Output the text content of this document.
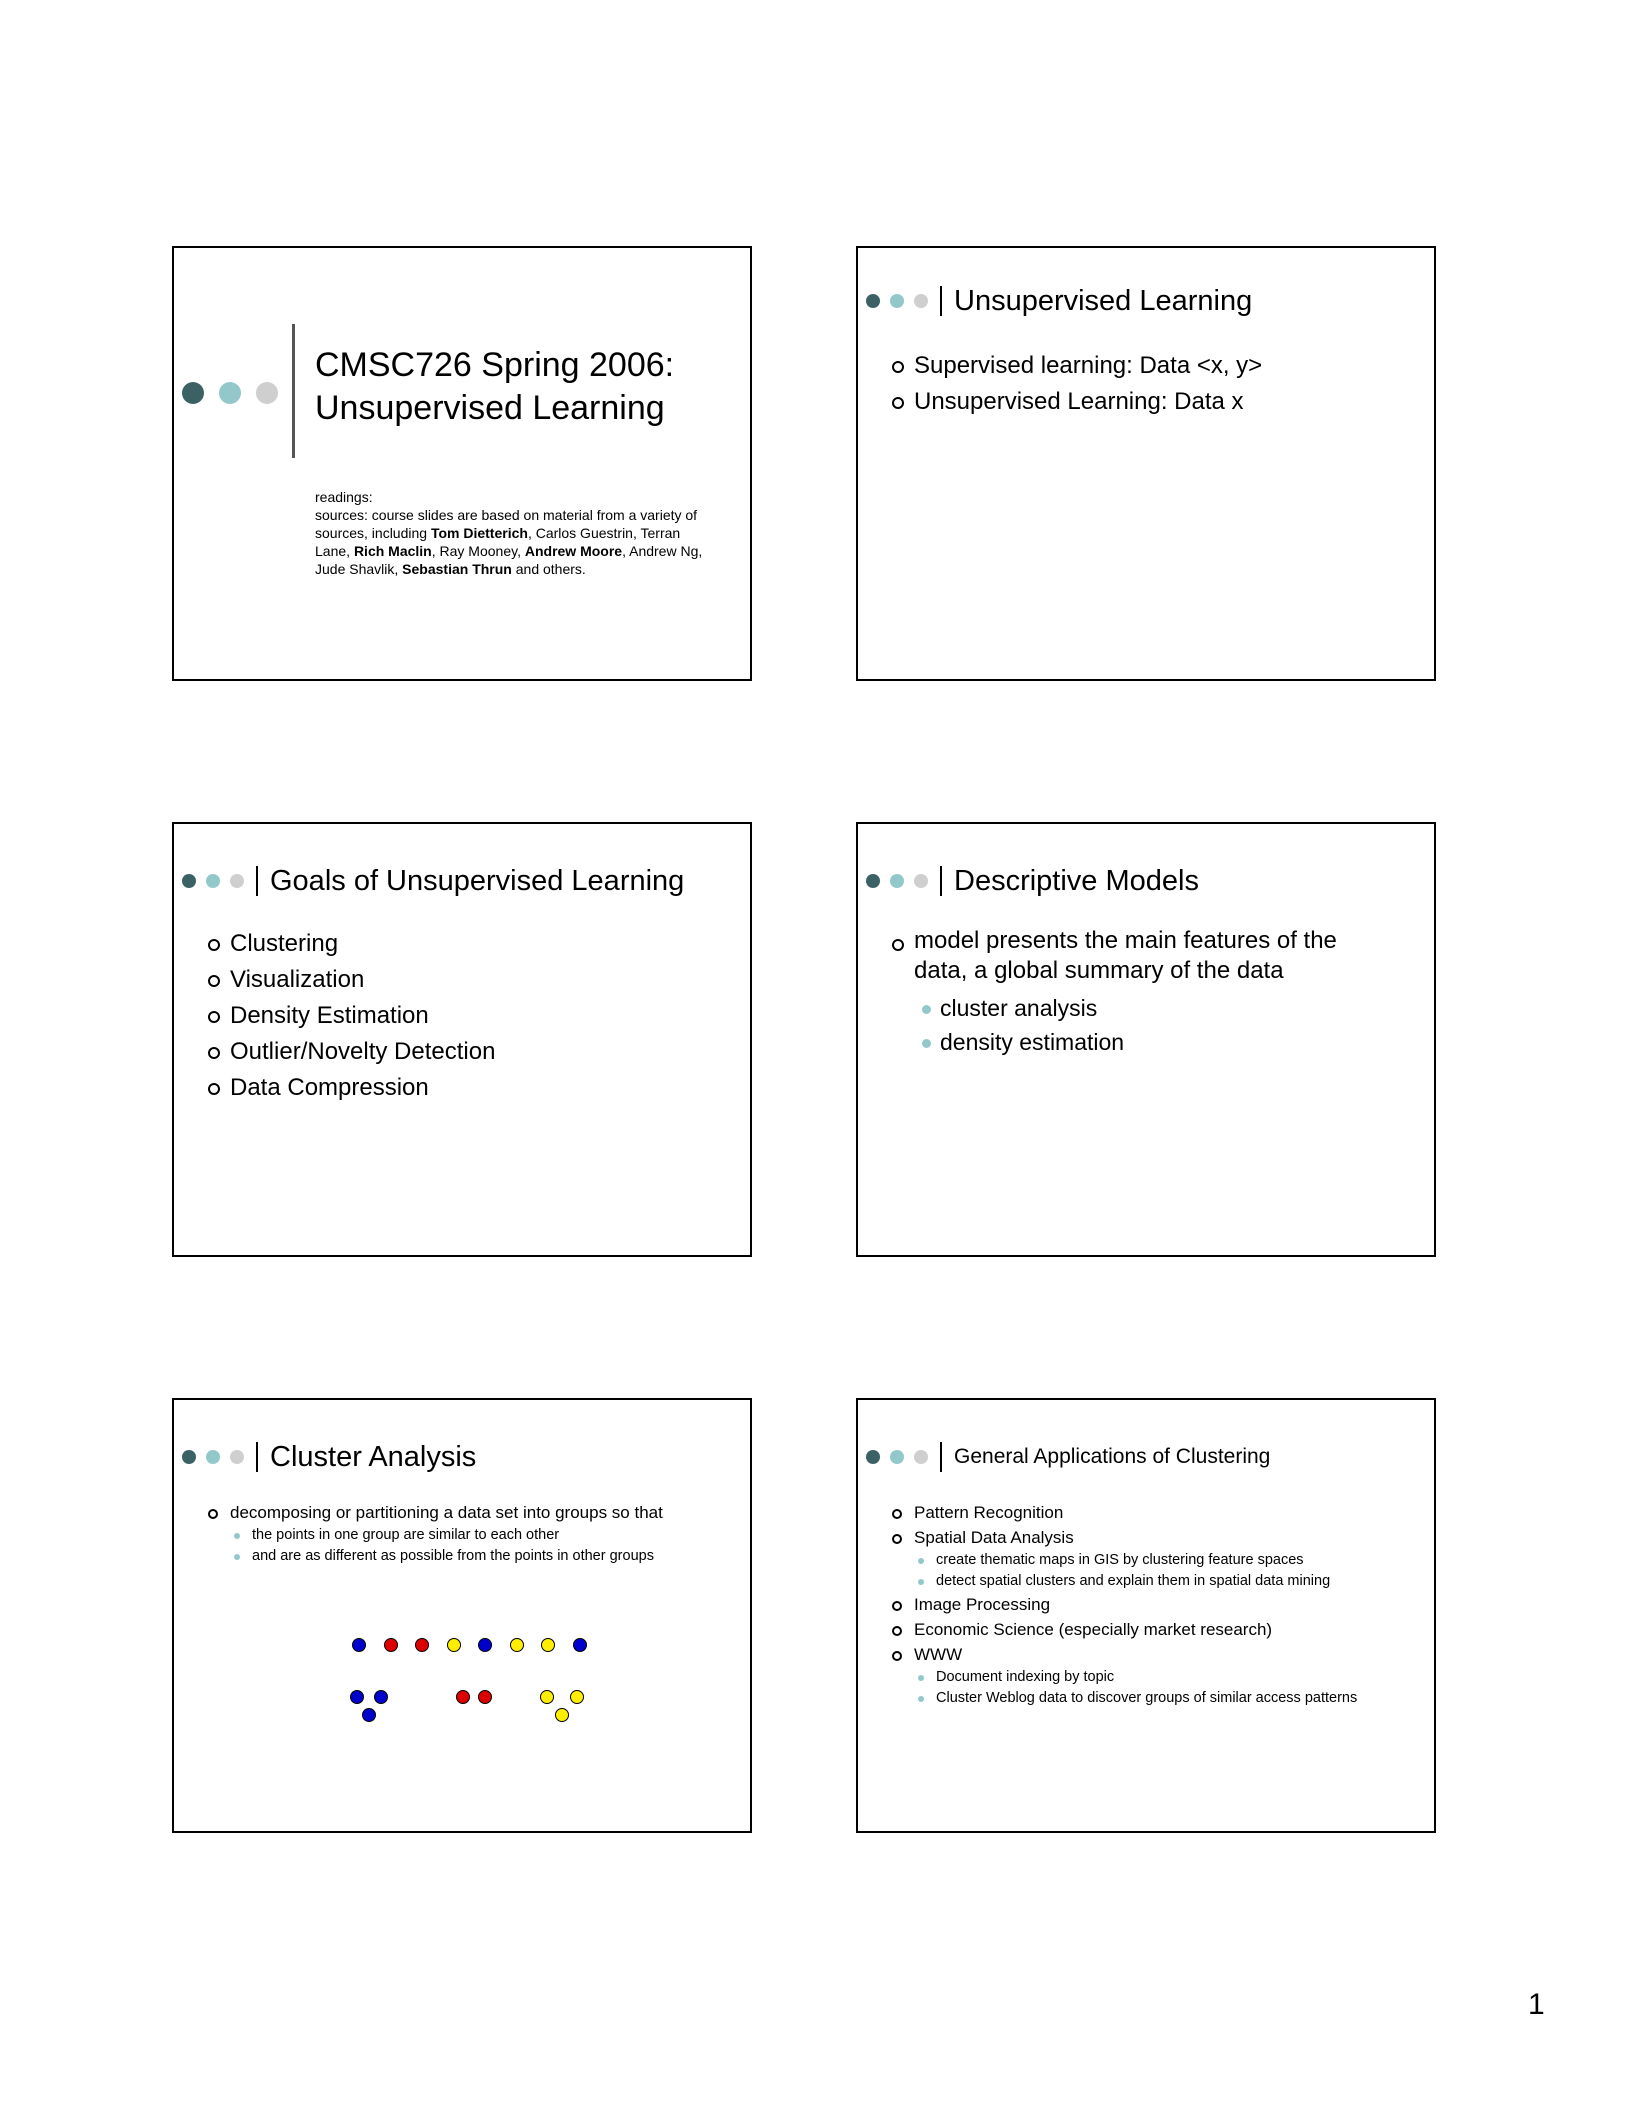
CMSC726 Spring 2006:
Unsupervised Learning
readings:
sources: course slides are based on material from a variety of sources, including Tom Dietterich, Carlos Guestrin, Terran Lane, Rich Maclin, Ray Mooney, Andrew Moore, Andrew Ng, Jude Shavlik, Sebastian Thrun and others.
Unsupervised Learning
Supervised learning: Data <x, y>
Unsupervised Learning: Data x
Goals of Unsupervised Learning
Clustering
Visualization
Density Estimation
Outlier/Novelty Detection
Data Compression
Descriptive Models
model presents the main features of the data, a global summary of the data
cluster analysis
density estimation
Cluster Analysis
decomposing or partitioning a data set into groups so that
the points in one group are similar to each other
and are as different as possible from the points in other groups
General Applications of Clustering
Pattern Recognition
Spatial Data Analysis
create thematic maps in GIS by clustering feature spaces
detect spatial clusters and explain them in spatial data mining
Image Processing
Economic Science (especially market research)
WWW
Document indexing by topic
Cluster Weblog data to discover groups of similar access patterns
1
